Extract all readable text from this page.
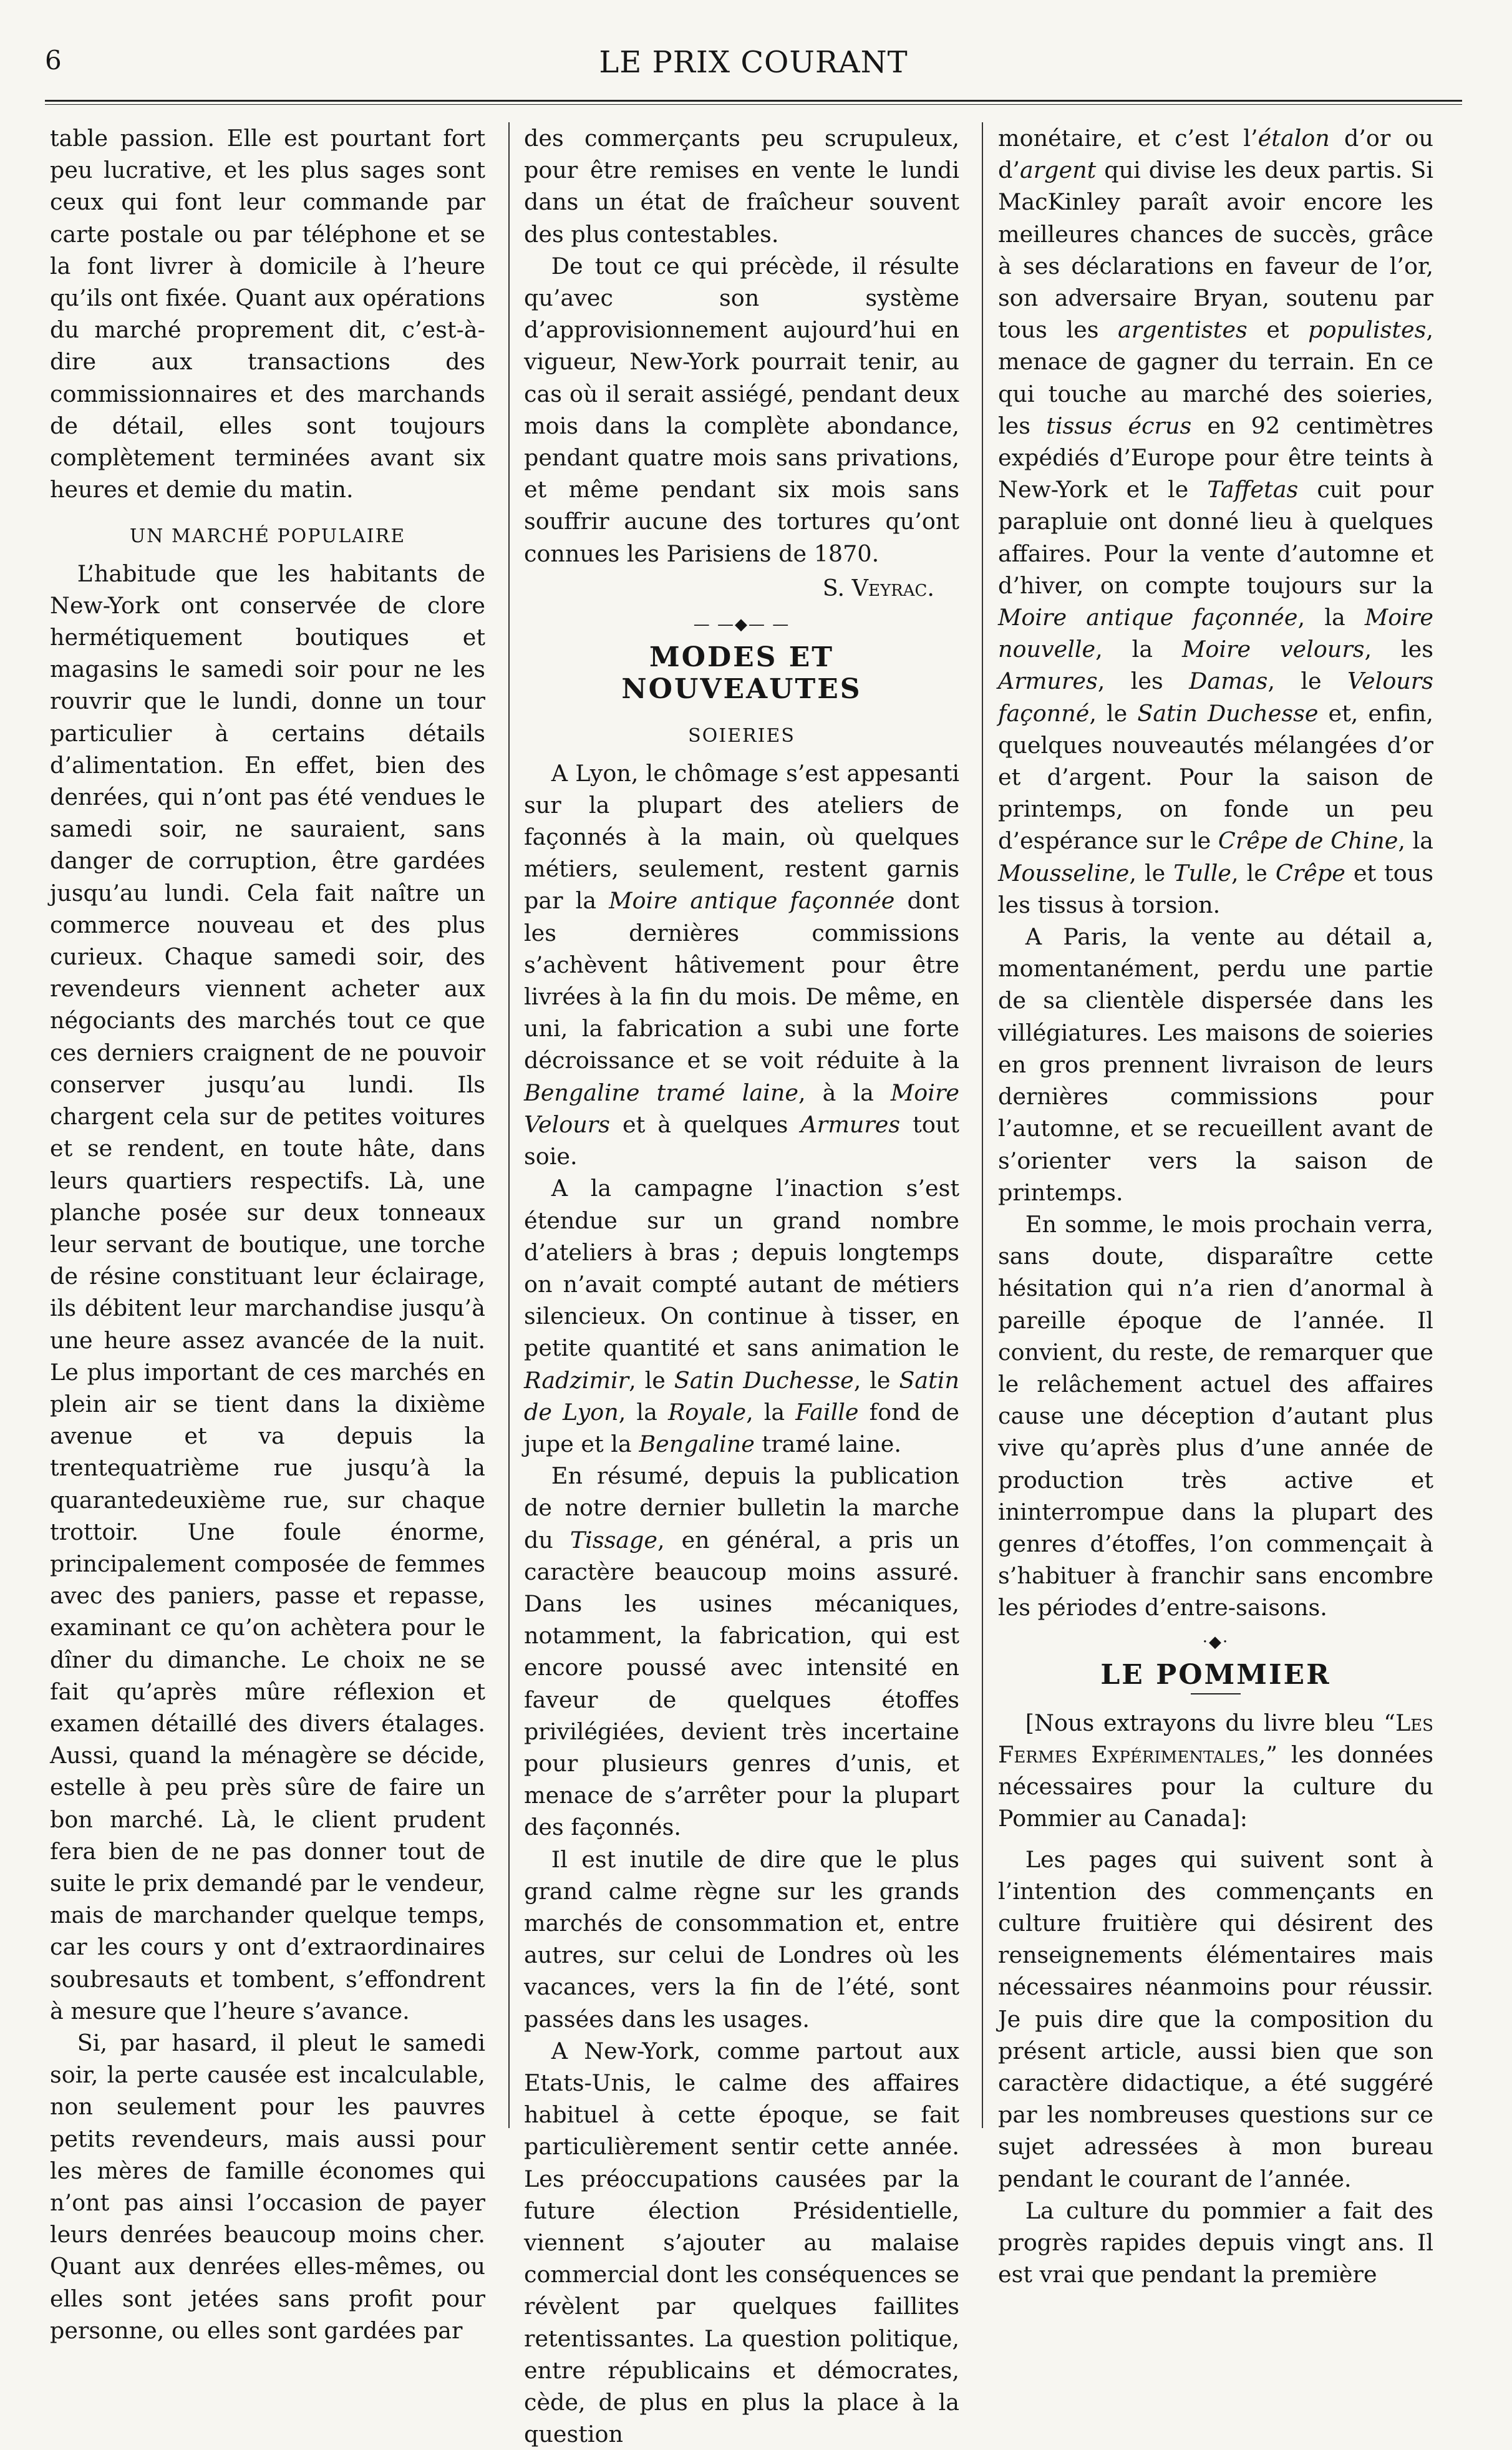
6	LE PRIX COURANT

table passion. Elle est pourtant fort peu lucrative, et les plus sages sont ceux qui font leur commande par carte postale ou par téléphone et se la font livrer à domicile à l’heure qu’ils ont fixée. Quant aux opérations du marché proprement dit, c’est-à-dire aux transactions des commissionnaires et des marchands de détail, elles sont toujours complètement terminées avant six heures et demie du matin.

UN MARCHÉ POPULAIRE

L’habitude que les habitants de New-York ont conservée de clore hermétiquement boutiques et magasins le samedi soir pour ne les rouvrir que le lundi, donne un tour particulier à certains détails d’alimentation. En effet, bien des denrées, qui n’ont pas été vendues le samedi soir, ne sauraient, sans danger de corruption, être gardées jusqu’au lundi. Cela fait naître un commerce nouveau et des plus curieux. Chaque samedi soir, des revendeurs viennent acheter aux négociants des marchés tout ce que ces derniers craignent de ne pouvoir conserver jusqu’au lundi. Ils chargent cela sur de petites voitures et se rendent, en toute hâte, dans leurs quartiers respectifs. Là, une planche posée sur deux tonneaux leur servant de boutique, une torche de résine constituant leur éclairage, ils débitent leur marchandise jusqu’à une heure assez avancée de la nuit. Le plus important de ces marchés en plein air se tient dans la dixième avenue et va depuis la trentequatrième rue jusqu’à la quarantedeuxième rue, sur chaque trottoir. Une foule énorme, principalement composée de femmes avec des paniers, passe et repasse, examinant ce qu’on achètera pour le dîner du dimanche. Le choix ne se fait qu’après mûre réflexion et examen détaillé des divers étalages. Aussi, quand la ménagère se décide, estelle à peu près sûre de faire un bon marché. Là, le client prudent fera bien de ne pas donner tout de suite le prix demandé par le vendeur, mais de marchander quelque temps, car les cours y ont d’extraordinaires soubresauts et tombent, s’effondrent à mesure que l’heure s’avance.

Si, par hasard, il pleut le samedi soir, la perte causée est incalculable, non seulement pour les pauvres petits revendeurs, mais aussi pour les mères de famille économes qui n’ont pas ainsi l’occasion de payer leurs denrées beaucoup moins cher. Quant aux denrées elles-mêmes, ou elles sont jetées sans profit pour personne, ou elles sont gardées par

des commerçants peu scrupuleux, pour être remises en vente le lundi dans un état de fraîcheur souvent des plus contestables.

De tout ce qui précède, il résulte qu’avec son système d’approvisionnement aujourd’hui en vigueur, New-York pourrait tenir, au cas où il serait assiégé, pendant deux mois dans la complète abondance, pendant quatre mois sans privations, et même pendant six mois sans souffrir aucune des tortures qu’ont connues les Parisiens de 1870.

S. Veyrac.
— —◆— —
MODES ET NOUVEAUTES
SOIERIES

A Lyon, le chômage s’est appesanti sur la plupart des ateliers de façonnés à la main, où quelques métiers, seulement, restent garnis par la Moire antique façonnée dont les dernières commissions s’achèvent hâtivement pour être livrées à la fin du mois. De même, en uni, la fabrication a subi une forte décroissance et se voit réduite à la Bengaline tramé laine, à la Moire Velours et à quelques Armures tout soie.

A la campagne l’inaction s’est étendue sur un grand nombre d’ateliers à bras ; depuis longtemps on n’avait compté autant de métiers silencieux. On continue à tisser, en petite quantité et sans animation le Radzimir, le Satin Duchesse, le Satin de Lyon, la Royale, la Faille fond de jupe et la Bengaline tramé laine.

En résumé, depuis la publication de notre dernier bulletin la marche du Tissage, en général, a pris un caractère beaucoup moins assuré. Dans les usines mécaniques, notamment, la fabrication, qui est encore poussé avec intensité en faveur de quelques étoffes privilégiées, devient très incertaine pour plusieurs genres d’unis, et menace de s’arrêter pour la plupart des façonnés.

Il est inutile de dire que le plus grand calme règne sur les grands marchés de consommation et, entre autres, sur celui de Londres où les vacances, vers la fin de l’été, sont passées dans les usages.

A New-York, comme partout aux Etats-Unis, le calme des affaires habituel à cette époque, se fait particulièrement sentir cette année. Les préoccupations causées par la future élection Présidentielle, viennent s’ajouter au malaise commercial dont les conséquences se révèlent par quelques faillites retentissantes. La question politique, entre républicains et démocrates, cède, de plus en plus la place à la question

monétaire, et c’est l’étalon d’or ou d’argent qui divise les deux partis. Si MacKinley paraît avoir encore les meilleures chances de succès, grâce à ses déclarations en faveur de l’or, son adversaire Bryan, soutenu par tous les argentistes et populistes, menace de gagner du terrain. En ce qui touche au marché des soieries, les tissus écrus en 92 centimètres expédiés d’Europe pour être teints à New-York et le Taffetas cuit pour parapluie ont donné lieu à quelques affaires. Pour la vente d’automne et d’hiver, on compte toujours sur la Moire antique façonnée, la Moire nouvelle, la Moire velours, les Armures, les Damas, le Velours façonné, le Satin Duchesse et, enfin, quelques nouveautés mélangées d’or et d’argent. Pour la saison de printemps, on fonde un peu d’espérance sur le Crêpe de Chine, la Mousseline, le Tulle, le Crêpe et tous les tissus à torsion.

A Paris, la vente au détail a, momentanément, perdu une partie de sa clientèle dispersée dans les villégiatures. Les maisons de soieries en gros prennent livraison de leurs dernières commissions pour l’automne, et se recueillent avant de s’orienter vers la saison de printemps.

En somme, le mois prochain verra, sans doute, disparaître cette hésitation qui n’a rien d’anormal à pareille époque de l’année. Il convient, du reste, de remarquer que le relâchement actuel des affaires cause une déception d’autant plus vive qu’après plus d’une année de production très active et ininterrompue dans la plupart des genres d’étoffes, l’on commençait à s’habituer à franchir sans encombre les périodes d’entre-saisons.

·◆·
LE POMMIER

[Nous extrayons du livre bleu “Les Fermes Expérimentales,” les données nécessaires pour la culture du Pommier au Canada]:

Les pages qui suivent sont à l’intention des commençants en culture fruitière qui désirent des renseignements élémentaires mais nécessaires néanmoins pour réussir. Je puis dire que la composition du présent article, aussi bien que son caractère didactique, a été suggéré par les nombreuses questions sur ce sujet adressées à mon bureau pendant le courant de l’année.

La culture du pommier a fait des progrès rapides depuis vingt ans. Il est vrai que pendant la première
